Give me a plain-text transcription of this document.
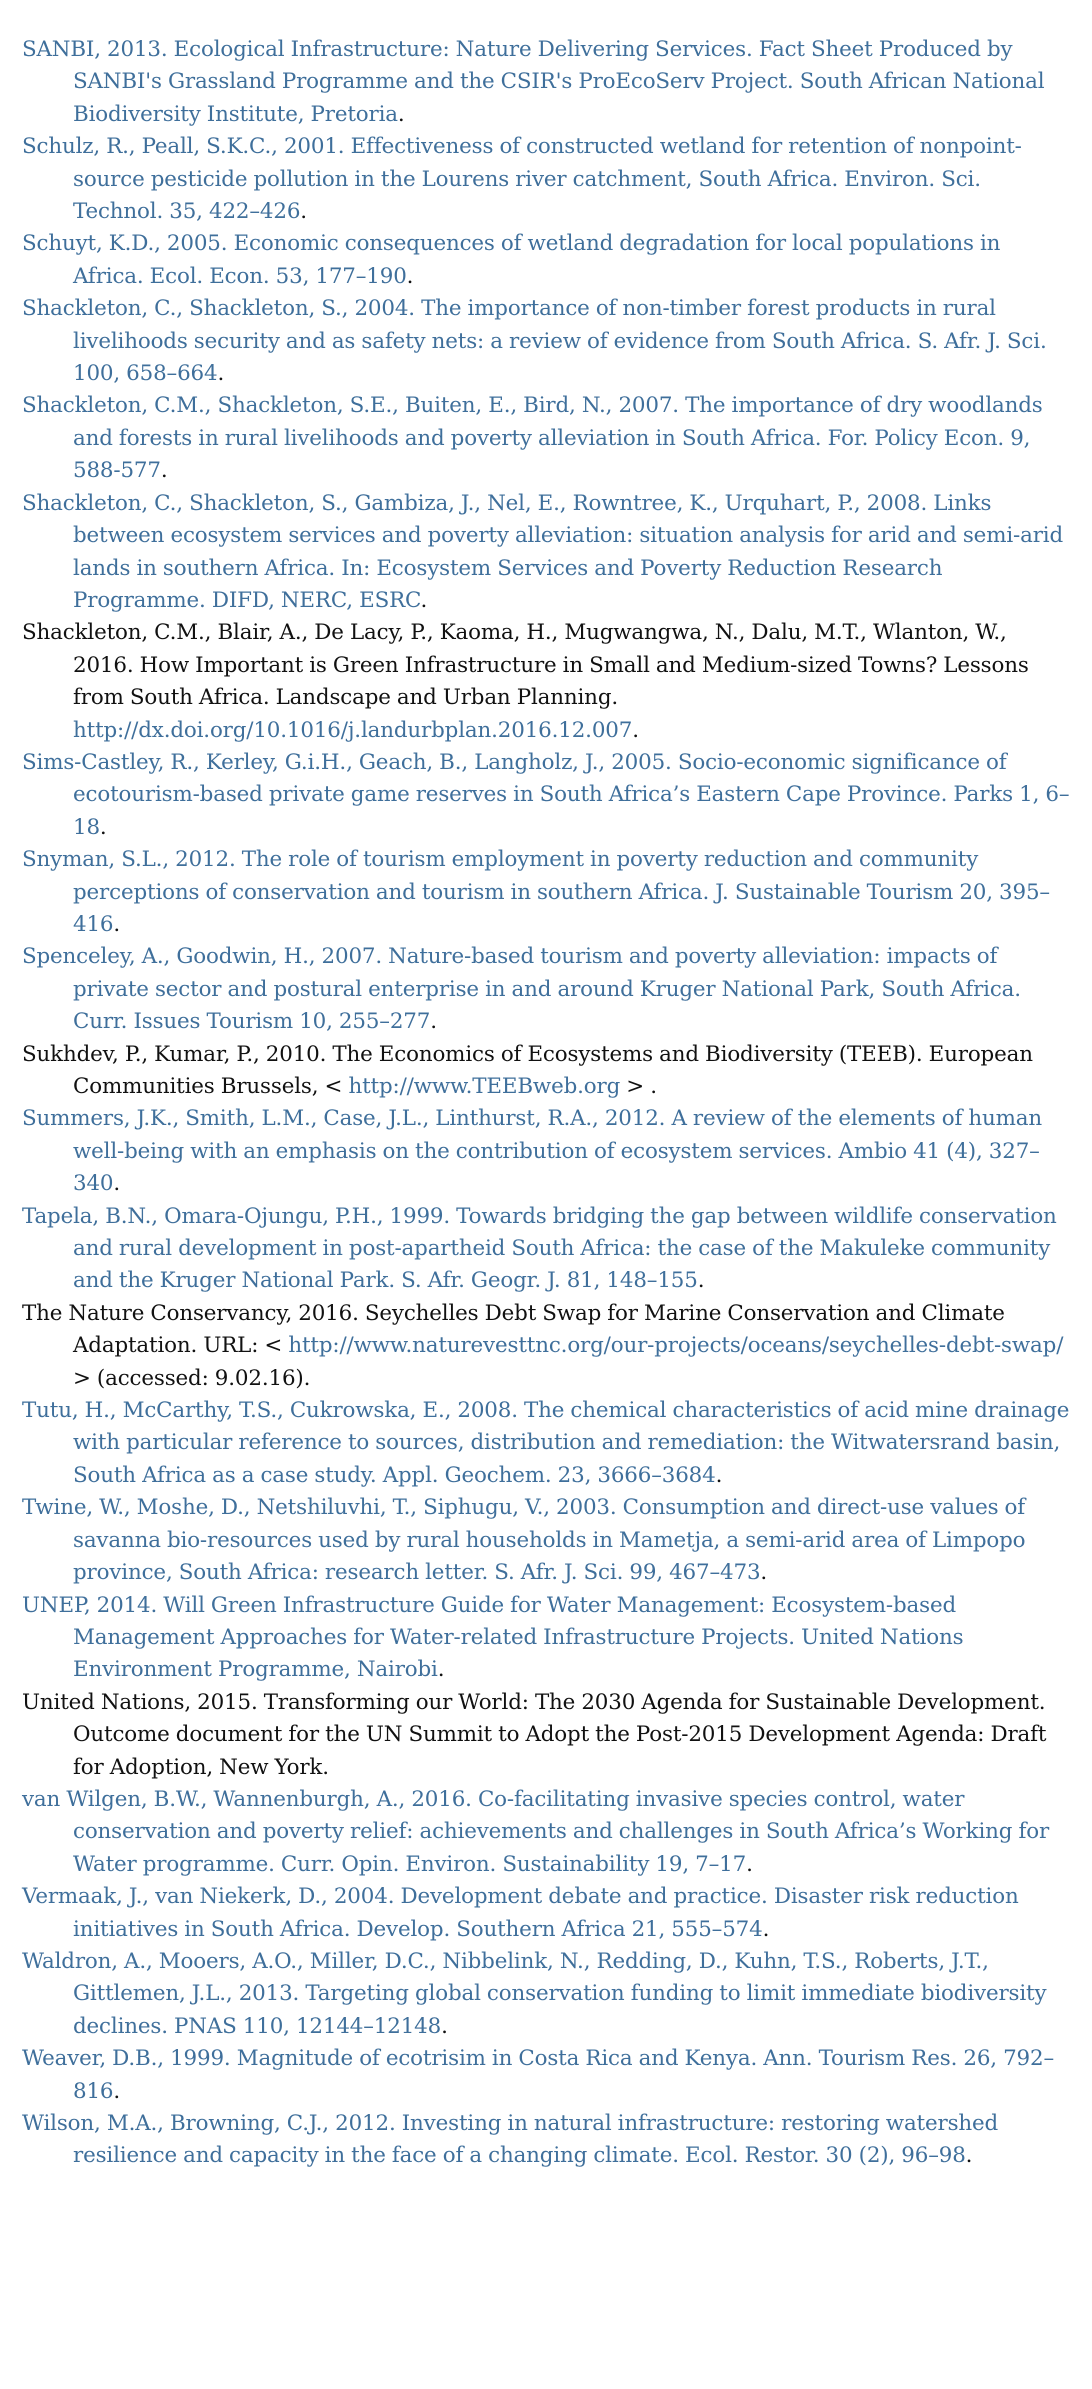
SANBI, 2013. Ecological Infrastructure: Nature Delivering Services. Fact Sheet Produced by SANBI's Grassland Programme and the CSIR's ProEcoServ Project. South African National Biodiversity Institute, Pretoria.
Schulz, R., Peall, S.K.C., 2001. Effectiveness of constructed wetland for retention of nonpoint-source pesticide pollution in the Lourens river catchment, South Africa. Environ. Sci. Technol. 35, 422–426.
Schuyt, K.D., 2005. Economic consequences of wetland degradation for local populations in Africa. Ecol. Econ. 53, 177–190.
Shackleton, C., Shackleton, S., 2004. The importance of non-timber forest products in rural livelihoods security and as safety nets: a review of evidence from South Africa. S. Afr. J. Sci. 100, 658–664.
Shackleton, C.M., Shackleton, S.E., Buiten, E., Bird, N., 2007. The importance of dry woodlands and forests in rural livelihoods and poverty alleviation in South Africa. For. Policy Econ. 9, 588-577.
Shackleton, C., Shackleton, S., Gambiza, J., Nel, E., Rowntree, K., Urquhart, P., 2008. Links between ecosystem services and poverty alleviation: situation analysis for arid and semi-arid lands in southern Africa. In: Ecosystem Services and Poverty Reduction Research Programme. DIFD, NERC, ESRC.
Shackleton, C.M., Blair, A., De Lacy, P., Kaoma, H., Mugwangwa, N., Dalu, M.T., Wlanton, W., 2016. How Important is Green Infrastructure in Small and Medium-sized Towns? Lessons from South Africa. Landscape and Urban Planning. http://dx.doi.org/10.1016/j.landurbplan.2016.12.007.
Sims-Castley, R., Kerley, G.i.H., Geach, B., Langholz, J., 2005. Socio-economic significance of ecotourism-based private game reserves in South Africa’s Eastern Cape Province. Parks 1, 6–18.
Snyman, S.L., 2012. The role of tourism employment in poverty reduction and community perceptions of conservation and tourism in southern Africa. J. Sustainable Tourism 20, 395–416.
Spenceley, A., Goodwin, H., 2007. Nature-based tourism and poverty alleviation: impacts of private sector and postural enterprise in and around Kruger National Park, South Africa. Curr. Issues Tourism 10, 255–277.
Sukhdev, P., Kumar, P., 2010. The Economics of Ecosystems and Biodiversity (TEEB). European Communities Brussels, < http://www.TEEBweb.org > .
Summers, J.K., Smith, L.M., Case, J.L., Linthurst, R.A., 2012. A review of the elements of human well-being with an emphasis on the contribution of ecosystem services. Ambio 41 (4), 327–340.
Tapela, B.N., Omara-Ojungu, P.H., 1999. Towards bridging the gap between wildlife conservation and rural development in post-apartheid South Africa: the case of the Makuleke community and the Kruger National Park. S. Afr. Geogr. J. 81, 148–155.
The Nature Conservancy, 2016. Seychelles Debt Swap for Marine Conservation and Climate Adaptation. URL: < http://www.naturevesttnc.org/our-projects/oceans/seychelles-debt-swap/ > (accessed: 9.02.16).
Tutu, H., McCarthy, T.S., Cukrowska, E., 2008. The chemical characteristics of acid mine drainage with particular reference to sources, distribution and remediation: the Witwatersrand basin, South Africa as a case study. Appl. Geochem. 23, 3666–3684.
Twine, W., Moshe, D., Netshiluvhi, T., Siphugu, V., 2003. Consumption and direct-use values of savanna bio-resources used by rural households in Mametja, a semi-arid area of Limpopo province, South Africa: research letter. S. Afr. J. Sci. 99, 467–473.
UNEP, 2014. Will Green Infrastructure Guide for Water Management: Ecosystem-based Management Approaches for Water-related Infrastructure Projects. United Nations Environment Programme, Nairobi.
United Nations, 2015. Transforming our World: The 2030 Agenda for Sustainable Development. Outcome document for the UN Summit to Adopt the Post-2015 Development Agenda: Draft for Adoption, New York.
van Wilgen, B.W., Wannenburgh, A., 2016. Co-facilitating invasive species control, water conservation and poverty relief: achievements and challenges in South Africa’s Working for Water programme. Curr. Opin. Environ. Sustainability 19, 7–17.
Vermaak, J., van Niekerk, D., 2004. Development debate and practice. Disaster risk reduction initiatives in South Africa. Develop. Southern Africa 21, 555–574.
Waldron, A., Mooers, A.O., Miller, D.C., Nibbelink, N., Redding, D., Kuhn, T.S., Roberts, J.T., Gittlemen, J.L., 2013. Targeting global conservation funding to limit immediate biodiversity declines. PNAS 110, 12144–12148.
Weaver, D.B., 1999. Magnitude of ecotrisim in Costa Rica and Kenya. Ann. Tourism Res. 26, 792–816.
Wilson, M.A., Browning, C.J., 2012. Investing in natural infrastructure: restoring watershed resilience and capacity in the face of a changing climate. Ecol. Restor. 30 (2), 96–98.
